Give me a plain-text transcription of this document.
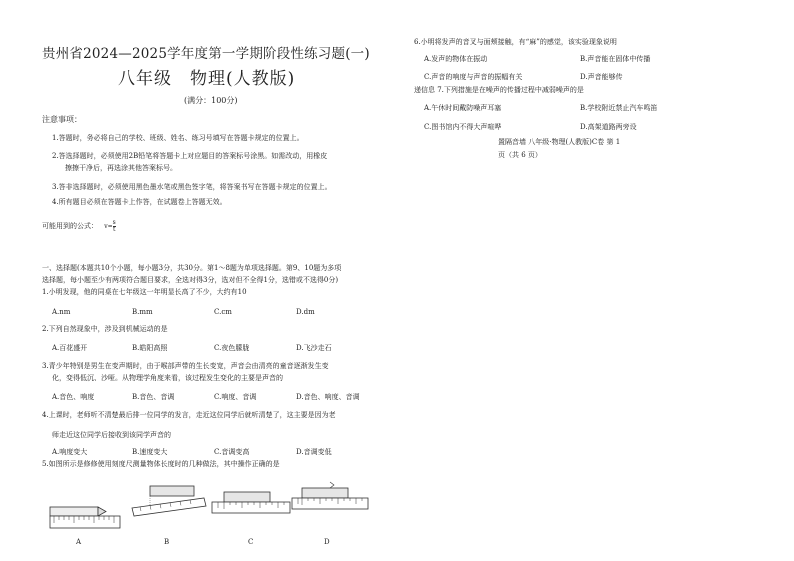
贵州省2024—2025学年度第一学期阶段性练习题(一)
八年级　物理(人教版)
(满分：100分)
注意事项：
1.答题时，务必将自己的学校、班级、姓名、练习号填写在答题卡规定的位置上。
2.答选择题时，必须使用2B铅笔将答题卡上对应题目的答案标号涂黑。如需改动，用橡皮
擦擦干净后，再选涂其他答案标号。
3.答非选择题时，必须使用黑色墨水笔或黑色签字笔，将答案书写在答题卡规定的位置上。
4.所有题目必须在答题卡上作答，在试题卷上答题无效。
可能用到的公式： $v= \frac{s}{t}$
一、选择题(本题共10个小题，每小题3分，共30分。第1～8题为单项选择题。第9、10题为多项
选择题，每小题至少有两项符合题目要求，全选对得3分，选对但不全得1分，选错或不选得0分)
1.小明发现，他的同桌在七年级这一年明显长高了不少，大约有10
A.nm	B.mm	C.cm	D.dm
2.下列自然现象中，涉及到机械运动的是
A.百花盛开	B.皓阳高照	C.夜色朦胧	D.飞沙走石
3.青少年特别是男生在变声期时，由于喉部声带的生长变宽，声音会由清亮的童音逐渐发生变
化，变得低沉、沙哑。从物理学角度来看，该过程发生变化的主要是声音的
A.音色、响度	B.音色、音调	C.响度、音调	D.音色、响度、音调
4.上课时，老师听不清楚最后排一位同学的发言，走近这位同学后就听清楚了，这主要是因为老
师走近这位同学后接收到该同学声音的
A.响度变大	B.速度变大	C.音调变高	D.音调变低
5.如图所示是修修使用刻度尺测量物体长度时的几种做法，其中操作正确的是
A	B	C	D
6.小明将发声的音叉与面颊接触，有“麻”的感觉，该实验现象说明
A.发声的物体在振动	B.声音能在固体中传播
C.声音的响度与声音的振幅有关	D.声音能够传
递信息 7.下列措施是在噪声的传播过程中减弱噪声的是
A.午休时间戴防噪声耳塞	B.学校附近禁止汽车鸣笛
C.图书馆内不得大声喧哗	D.高架道路两旁设
置隔音墙 八年级·物理(人教版)C卷 第 1
页（共 6 页）
